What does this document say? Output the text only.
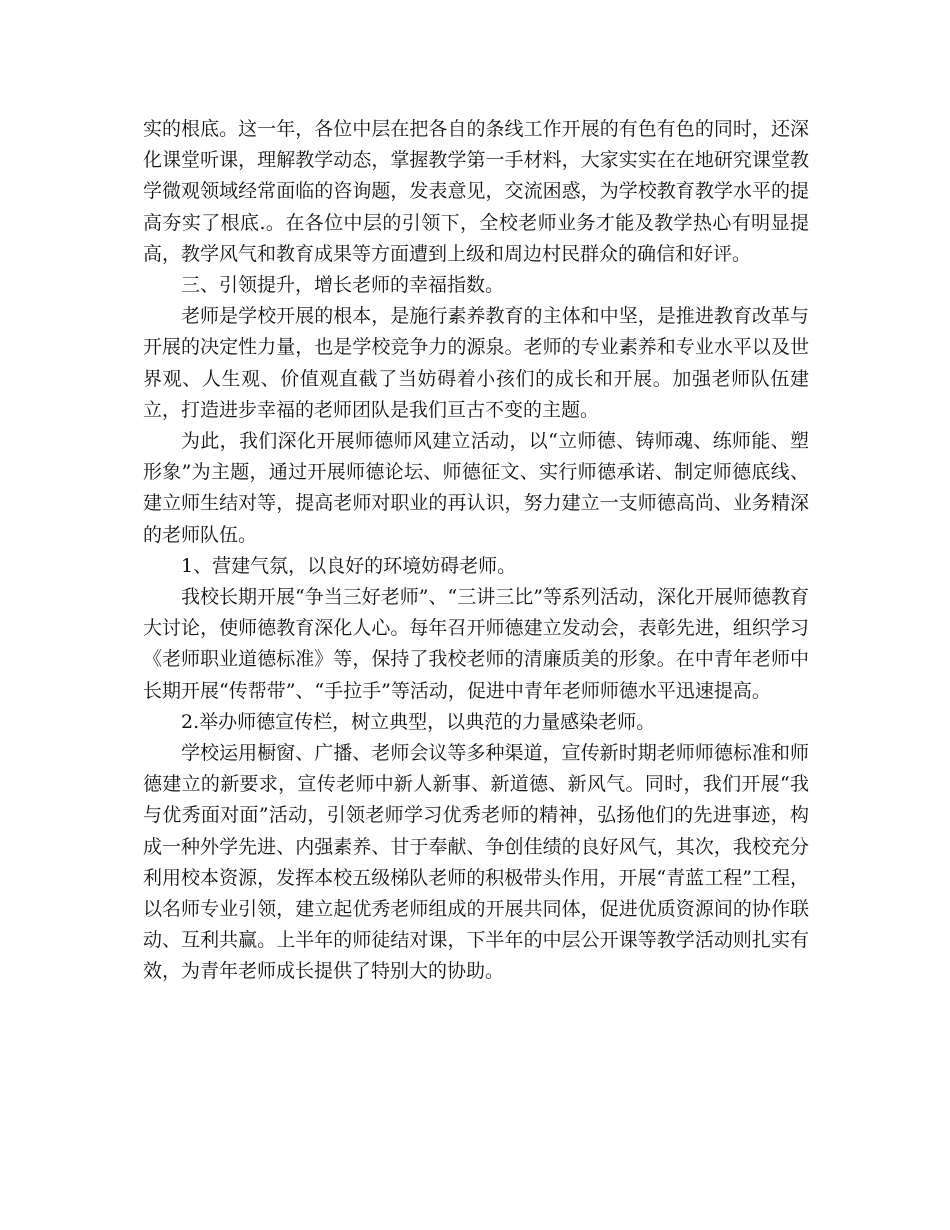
实的根底。这一年，各位中层在把各自的条线工作开展的有色有色的同时，还深化课堂听课，理解教学动态，掌握教学第一手材料，大家实实在在地研究课堂教学微观领域经常面临的咨询题，发表意见，交流困惑，为学校教育教学水平的提高夯实了根底.。在各位中层的引领下，全校老师业务才能及教学热心有明显提高，教学风气和教育成果等方面遭到上级和周边村民群众的确信和好评。

三、引领提升，增长老师的幸福指数。

老师是学校开展的根本，是施行素养教育的主体和中坚，是推进教育改革与开展的决定性力量，也是学校竞争力的源泉。老师的专业素养和专业水平以及世界观、人生观、价值观直截了当妨碍着小孩们的成长和开展。加强老师队伍建立，打造进步幸福的老师团队是我们亘古不变的主题。

为此，我们深化开展师德师风建立活动，以“立师德、铸师魂、练师能、塑形象”为主题，通过开展师德论坛、师德征文、实行师德承诺、制定师德底线、建立师生结对等，提高老师对职业的再认识，努力建立一支师德高尚、业务精深的老师队伍。

1、营建气氛，以良好的环境妨碍老师。

我校长期开展“争当三好老师”、“三讲三比”等系列活动，深化开展师德教育大讨论，使师德教育深化人心。每年召开师德建立发动会，表彰先进，组织学习《老师职业道德标准》等，保持了我校老师的清廉质美的形象。在中青年老师中长期开展“传帮带”、“手拉手”等活动，促进中青年老师师德水平迅速提高。

2.举办师德宣传栏，树立典型，以典范的力量感染老师。

学校运用橱窗、广播、老师会议等多种渠道，宣传新时期老师师德标准和师德建立的新要求，宣传老师中新人新事、新道德、新风气。同时，我们开展“我与优秀面对面”活动，引领老师学习优秀老师的精神，弘扬他们的先进事迹，构成一种外学先进、内强素养、甘于奉献、争创佳绩的良好风气，其次，我校充分利用校本资源，发挥本校五级梯队老师的积极带头作用，开展“青蓝工程”工程，以名师专业引领，建立起优秀老师组成的开展共同体，促进优质资源间的协作联动、互利共赢。上半年的师徒结对课，下半年的中层公开课等教学活动则扎实有效，为青年老师成长提供了特别大的协助。
